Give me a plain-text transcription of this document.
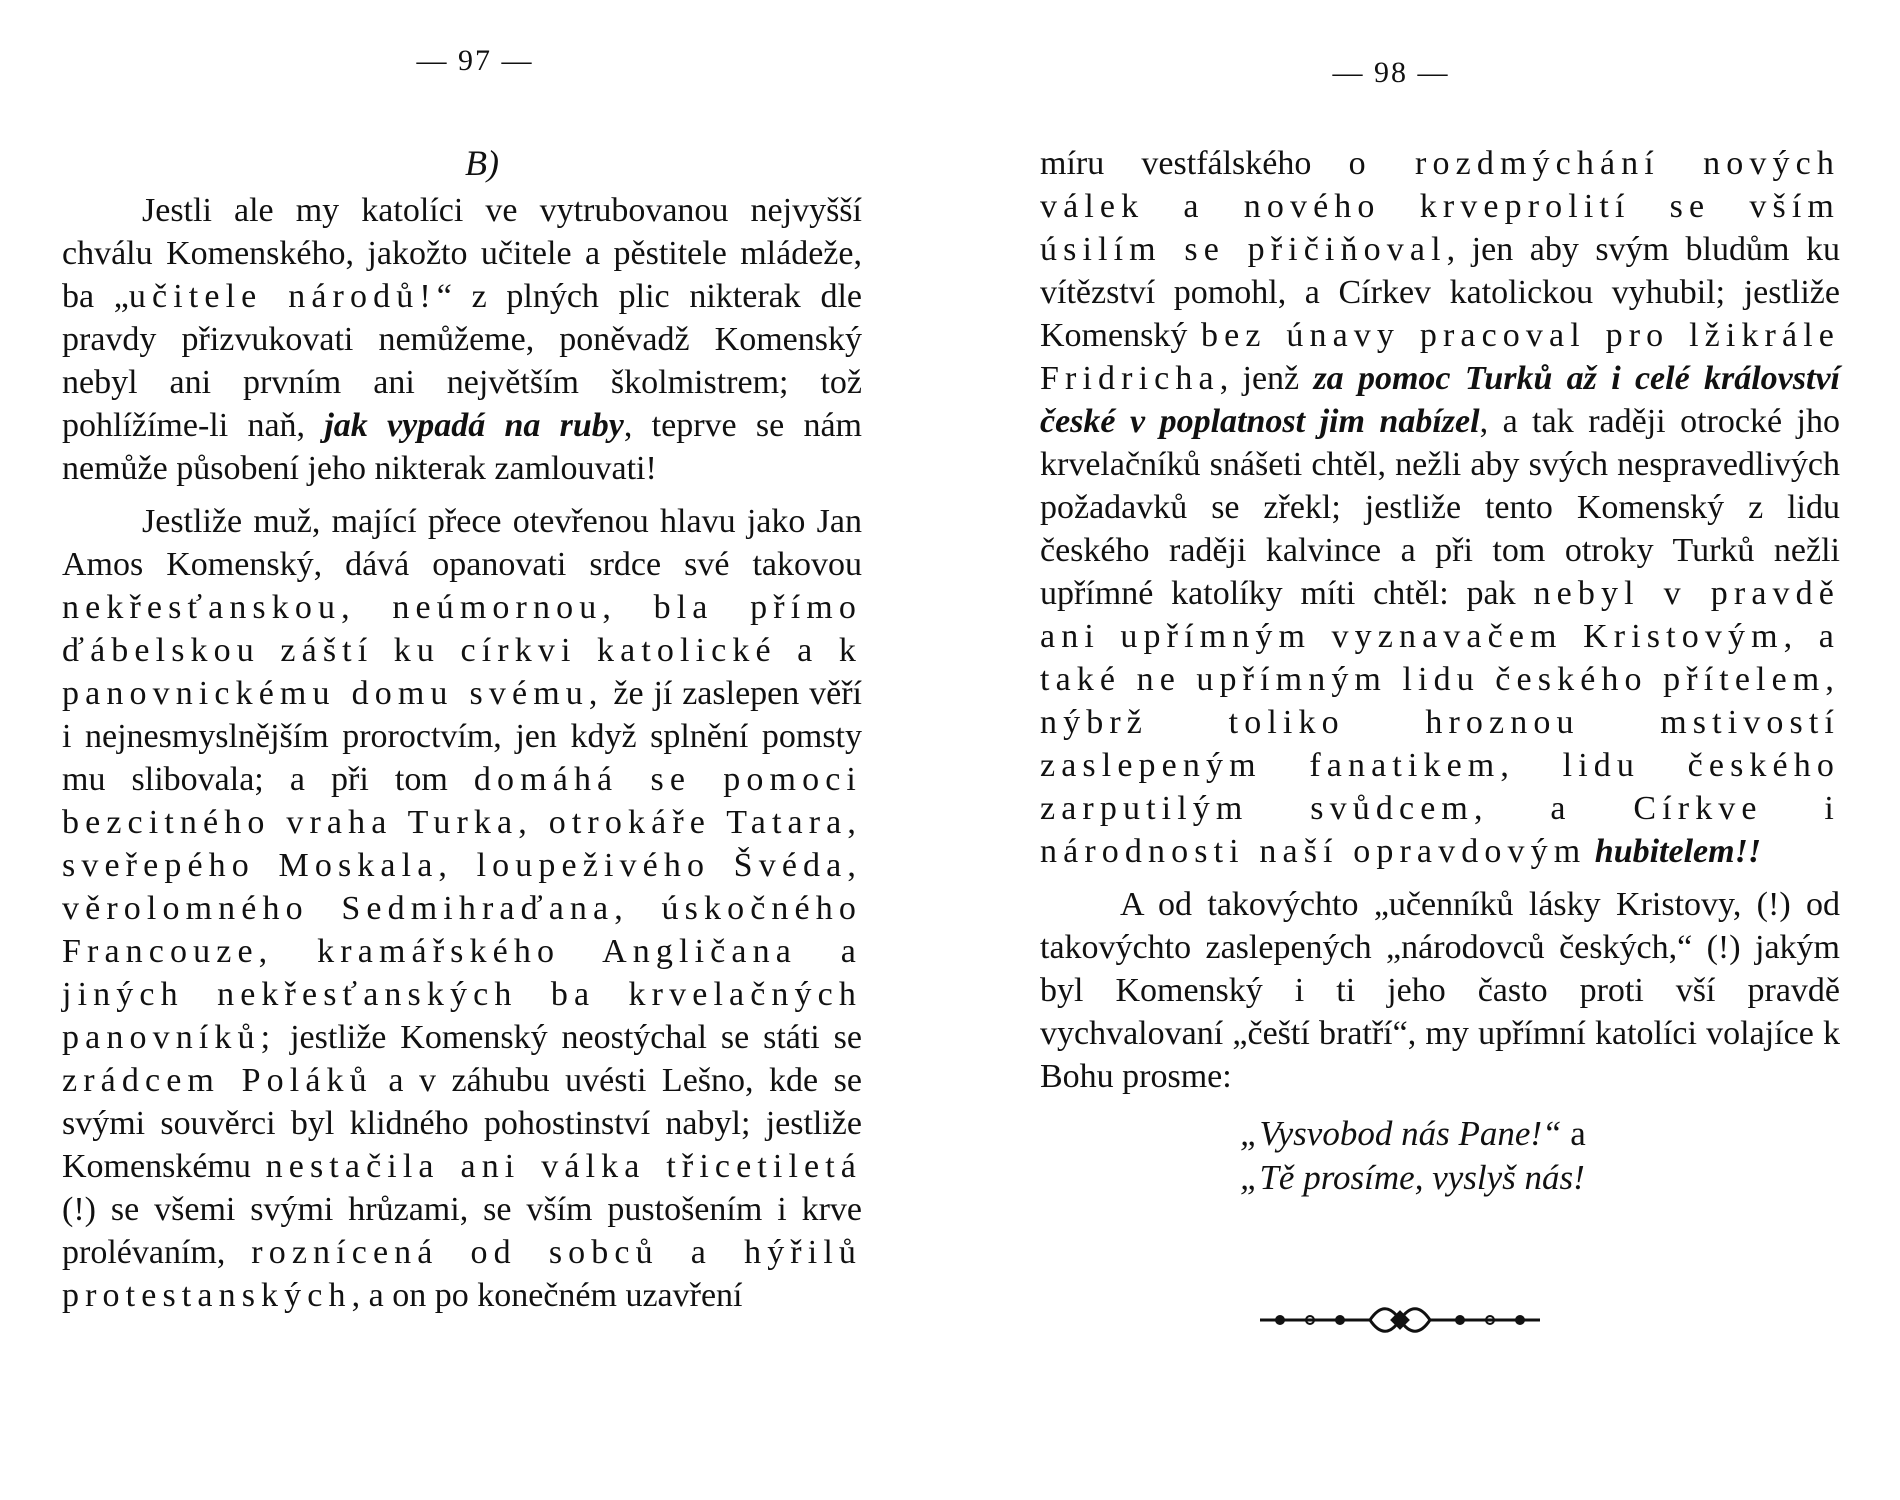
— 97 —
B)

Jestli ale my katolíci ve vytrubovanou nejvyšší chválu Komenského, jakožto učitele a pěstitele mládeže, ba „učitele národů!“ z plných plic nikterak dle pravdy přizvukovati nemůžeme, poněvadž Komenský nebyl ani prvním ani největším školmistrem; tož pohlížíme-li naň, jak vypadá na ruby, teprve se nám nemůže působení jeho nikterak zamlouvati!

Jestliže muž, mající přece otevřenou hlavu jako Jan Amos Komenský, dává opanovati srdce své takovou nekřesťanskou, neúmornou, bla přímo ďábelskou záští ku církvi katolické a k panovnickému domu svému, že jí zaslepen věří i nejnesmyslnějším proroctvím, jen když splnění pomsty mu slibovala; a při tom domáhá se pomoci bezcitného vraha Turka, otrokáře Tatara, sveřepého Moskala, loupeživého Švéda, věrolomného Sedmihraďana, úskočného Francouze, kramářského Angličana a jiných nekřesťanských ba krvelačných panovníků; jestliže Komenský neostýchal se státi se zrádcem Poláků a v záhubu uvésti Lešno, kde se svými souvěrci byl klidného pohostinství nabyl; jestliže Komenskému nestačila ani válka třicetiletá (!) se všemi svými hrůzami, se vším pustošením i krve prolévaním, roznícená od sobců a hýřilů protestanských, a on po konečném uzavření

— 98 —

míru vestfálského o rozdmýchání nových válek a nového krveprolití se vším úsilím se přičiňoval, jen aby svým bludům ku vítězství pomohl, a Církev katolickou vyhubil; jestliže Komenský bez únavy pracoval pro lžikrále Fridricha, jenž za pomoc Turků až i celé království české v poplatnost jim nabízel, a tak raději otrocké jho krvelačníků snášeti chtěl, nežli aby svých nespravedlivých požadavků se zřekl; jestliže tento Komenský z lidu českého raději kalvince a při tom otroky Turků nežli upřímné katolíky míti chtěl: pak nebyl v pravdě ani upřímným vyznavačem Kristovým, a také ne upřímným lidu českého přítelem, nýbrž toliko hroznou mstivostí zaslepeným fanatikem, lidu českého zarputilým svůdcem, a Církve i národnosti naší opravdovým hubitelem!!

A od takovýchto „učenníků lásky Kristovy, (!) od takovýchto zaslepených „národovců českých,“ (!) jakým byl Komenský i ti jeho často proti vší pravdě vychvalovaní „čeští bratří“, my upřímní katolíci volajíce k Bohu prosme:

„Vysvobod nás Pane!“ a
„Tě prosíme, vyslyš nás!
